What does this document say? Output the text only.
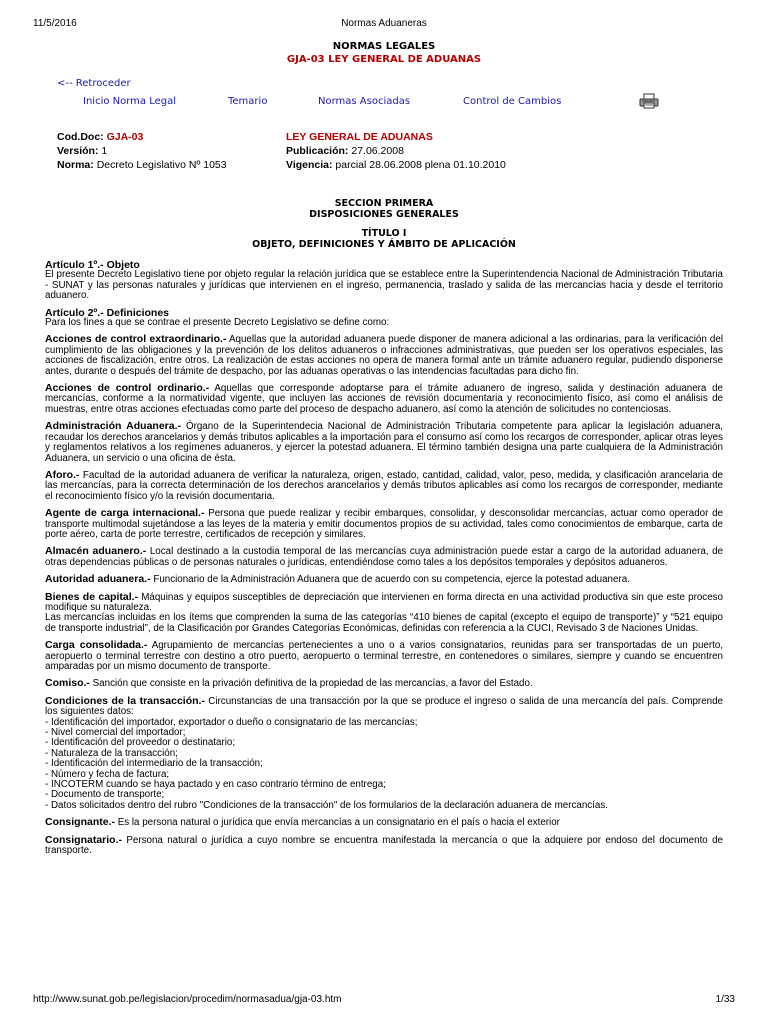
11/5/2016	Normas Aduaneras
NORMAS LEGALES
GJA-03 LEY GENERAL DE ADUANAS
<-- Retroceder
Inicio Norma Legal	Temario	Normas Asociadas	Control de Cambios
Cod.Doc: GJA-03	LEY GENERAL DE ADUANAS
Versión: 1	Publicación: 27.06.2008
Norma: Decreto Legislativo Nº 1053	Vigencia: parcial 28.06.2008 plena 01.10.2010
SECCION PRIMERA
DISPOSICIONES GENERALES
TÍTULO I
OBJETO, DEFINICIONES Y ÁMBITO DE APLICACIÓN

Artículo 1º.- Objeto
El presente Decreto Legislativo tiene por objeto regular la relación jurídica que se establece entre la Superintendencia Nacional de Administración Tributaria - SUNAT y las personas naturales y jurídicas que intervienen en el ingreso, permanencia, traslado y salida de las mercancías hacia y desde el territorio aduanero.

Artículo 2º.- Definiciones
Para los fines a que se contrae el presente Decreto Legislativo se define como:

Acciones de control extraordinario.- Aquellas que la autoridad aduanera puede disponer de manera adicional a las ordinarias, para la verificación del cumplimiento de las obligaciones y la prevención de los delitos aduaneros o infracciones administrativas, que pueden ser los operativos especiales, las acciones de fiscalización, entre otros. La realización de estas acciones no opera de manera formal ante un trámite aduanero regular, pudiendo disponerse antes, durante o después del trámite de despacho, por las aduanas operativas o las intendencias facultadas para dicho fin.

Acciones de control ordinario.- Aquellas que corresponde adoptarse para el trámite aduanero de ingreso, salida y destinación aduanera de mercancías, conforme a la normatividad vigente, que incluyen las acciones de revisión documentaria y reconocimiento físico, así como el análisis de muestras, entre otras acciones efectuadas como parte del proceso de despacho aduanero, así como la atención de solicitudes no contenciosas.

Administración Aduanera.- Órgano de la Superintendecia Nacional de Administración Tributaria competente para aplicar la legislación aduanera, recaudar los derechos arancelarios y demás tributos aplicables a la importación para el consumo así como los recargos de corresponder, aplicar otras leyes y reglamentos relativos a los regímenes aduaneros, y ejercer la potestad aduanera. El término también designa una parte cualquiera de la Administración Aduanera, un servicio o una oficina de ésta.

Aforo.- Facultad de la autoridad aduanera de verificar la naturaleza, origen, estado, cantidad, calidad, valor, peso, medida, y clasificación arancelaria de las mercancías, para la correcta determinación de los derechos arancelarios y demás tributos aplicables así como los recargos de corresponder, mediante el reconocimiento físico y/o la revisión documentaria.

Agente de carga internacional.- Persona que puede realizar y recibir embarques, consolidar, y desconsolidar mercancías, actuar como operador de transporte multimodal sujetándose a las leyes de la materia y emitir documentos propios de su actividad, tales como conocimientos de embarque, carta de porte aéreo, carta de porte terrestre, certificados de recepción y similares.

Almacén aduanero.- Local destinado a la custodia temporal de las mercancías cuya administración puede estar a cargo de la autoridad aduanera, de otras dependencias públicas o de personas naturales o jurídicas, entendiéndose como tales a los depósitos temporales y depósitos aduaneros.

Autoridad aduanera.- Funcionario de la Administración Aduanera que de acuerdo con su competencia, ejerce la potestad aduanera.

Bienes de capital.- Máquinas y equipos susceptibles de depreciación que intervienen en forma directa en una actividad productiva sin que este proceso modifique su naturaleza.
Las mercancías incluidas en los ítems que comprenden la suma de las categorías “410 bienes de capital (excepto el equipo de transporte)” y “521 equipo de transporte industrial”, de la Clasificación por Grandes Categorías Económicas, definidas con referencia a la CUCI, Revisado 3 de Naciones Unidas.

Carga consolidada.- Agrupamiento de mercancías pertenecientes a uno o a varios consignatarios, reunidas para ser transportadas de un puerto, aeropuerto o terminal terrestre con destino a otro puerto, aeropuerto o terminal terrestre, en contenedores o similares, siempre y cuando se encuentren amparadas por un mismo documento de transporte.

Comiso.- Sanción que consiste en la privación definitiva de la propiedad de las mercancías, a favor del Estado.

Condiciones de la transacción.- Circunstancias de una transacción por la que se produce el ingreso o salida de una mercancía del país. Comprende los siguientes datos:
- Identificación del importador, exportador o dueño o consignatario de las mercancías;
- Nivel comercial del importador;
- Identificación del proveedor o destinatario;
- Naturaleza de la transacción;
- Identificación del intermediario de la transacción;
- Número y fecha de factura;
- INCOTERM cuando se haya pactado y en caso contrario término de entrega;
- Documento de transporte;
- Datos solicitados dentro del rubro "Condiciones de la transacción" de los formularios de la declaración aduanera de mercancías.

Consignante.- Es la persona natural o jurídica que envía mercancías a un consignatario en el país o hacia el exterior

Consignatario.- Persona natural o jurídica a cuyo nombre se encuentra manifestada la mercancía o que la adquiere por endoso del documento de transporte.

http://www.sunat.gob.pe/legislacion/procedim/normasadua/gja-03.htm	1/33
